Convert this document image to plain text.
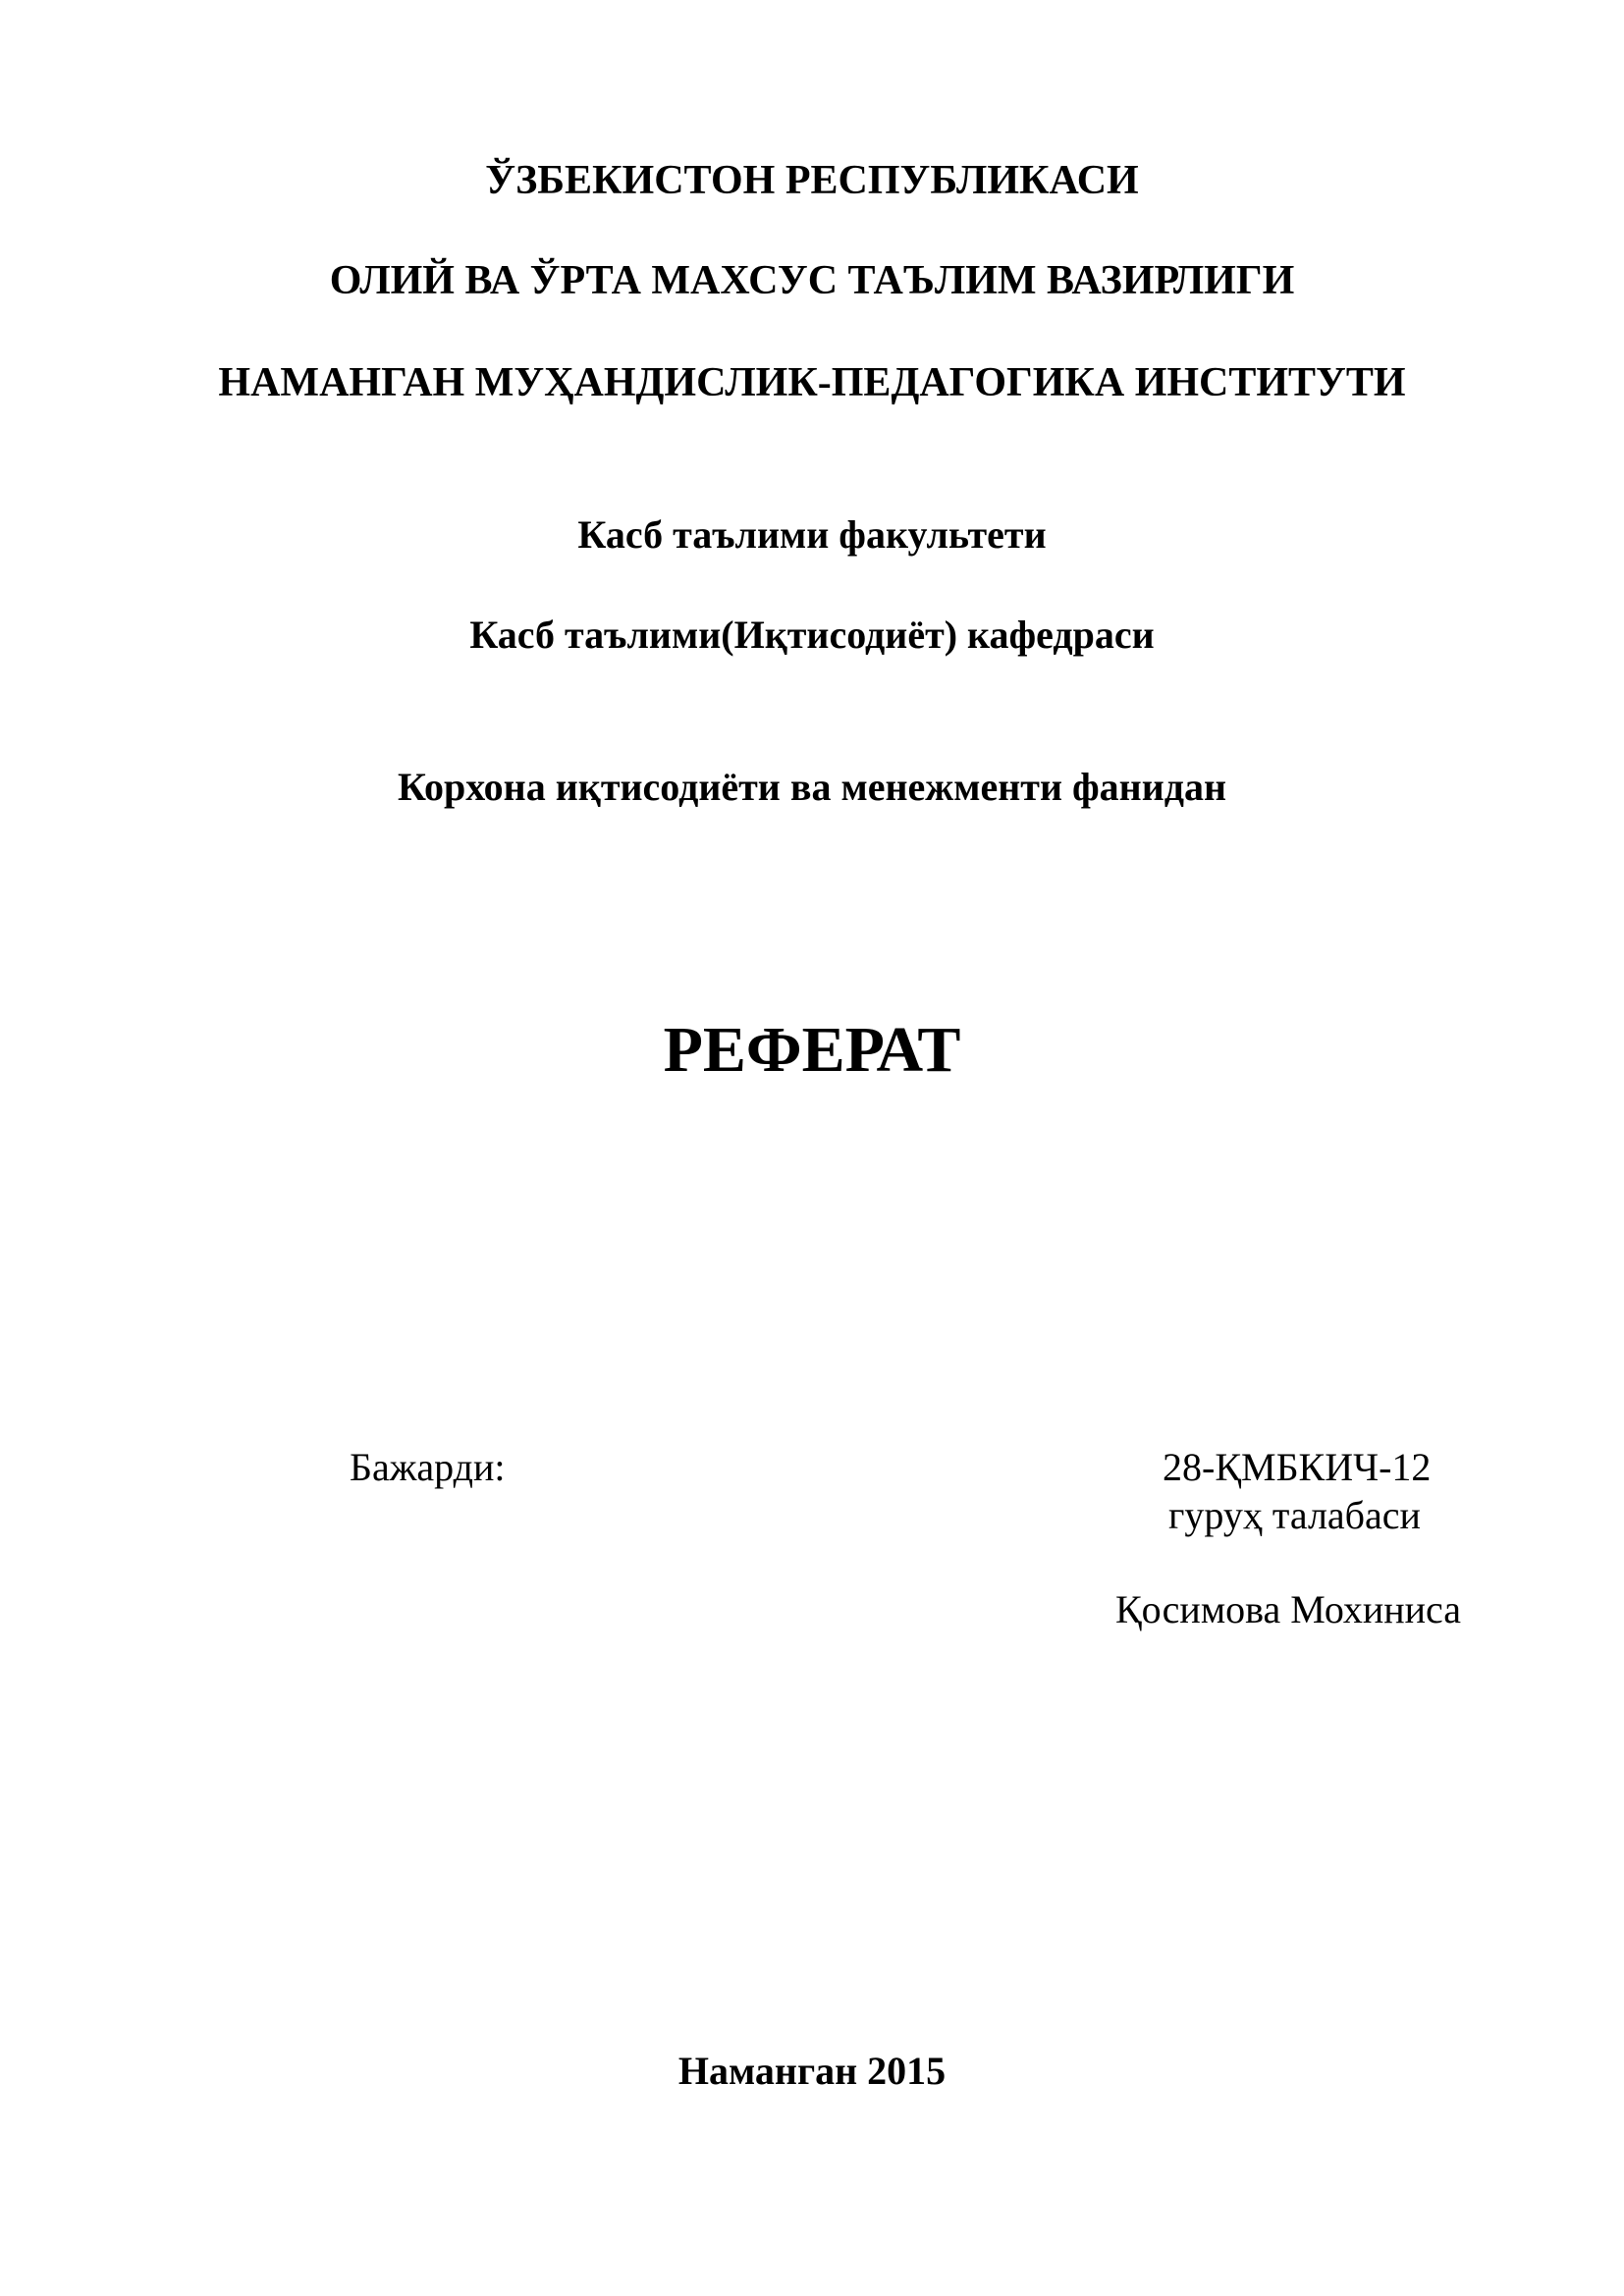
ЎЗБЕКИСТОН РЕСПУБЛИКАСИ
ОЛИЙ ВА ЎРТА МАХСУС ТАЪЛИМ ВАЗИРЛИГИ
НАМАНГАН МУҲАНДИСЛИК-ПЕДАГОГИКА ИНСТИТУТИ
Касб таълими факультети
Касб таълими(Иқтисодиёт) кафедраси
Корхона иқтисодиёти ва менежменти фанидан
РЕФЕРАТ
Бажарди:	28-ҚМБКИЧ-12
гуруҳ талабаси
Қосимова Мохиниса
Наманган 2015
